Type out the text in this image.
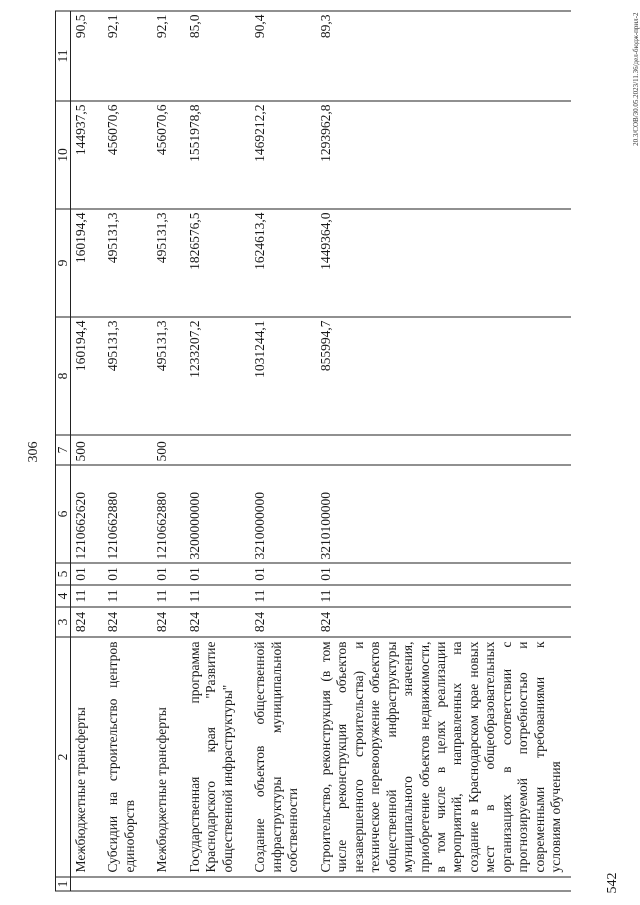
306
1	2	3	4	5	6	7	8	9	10	11
	Межбюджетные трансферты	824	11	01	1210662620	500	160194,4	160194,4	144937,5	90,5
	Субсидии на строительство центров единоборств	824	11	01	1210662880		495131,3	495131,3	456070,6	92,1
	Межбюджетные трансферты	824	11	01	1210662880	500	495131,3	495131,3	456070,6	92,1
	Государственная программа Краснодарского края "Развитие общественной инфраструктуры"	824	11	01	3200000000		1233207,2	1826576,5	1551978,8	85,0
	Создание объектов общественной инфраструктуры муниципальной собственности	824	11	01	3210000000		1031244,1	1624613,4	1469212,2	90,4
	Строительство, реконструкция (в том числе реконструкция объектов незавершенного строительства) и техническое перевооружение объектов общественной инфраструктуры муниципального значения, приобретение объектов недвижимости, в том числе в целях реализации мероприятий, направленных на создание в Краснодарском крае новых мест в общеобразовательных организациях в соответствии с прогнозируемой потребностью и современными требованиями к условиям обучения	824	11	01	3210100000		855994,7	1449364,0	1293962,8	89,3	20.3/СОВ/30.05.2023/11.36/дел-бюдж-прил-2
542
